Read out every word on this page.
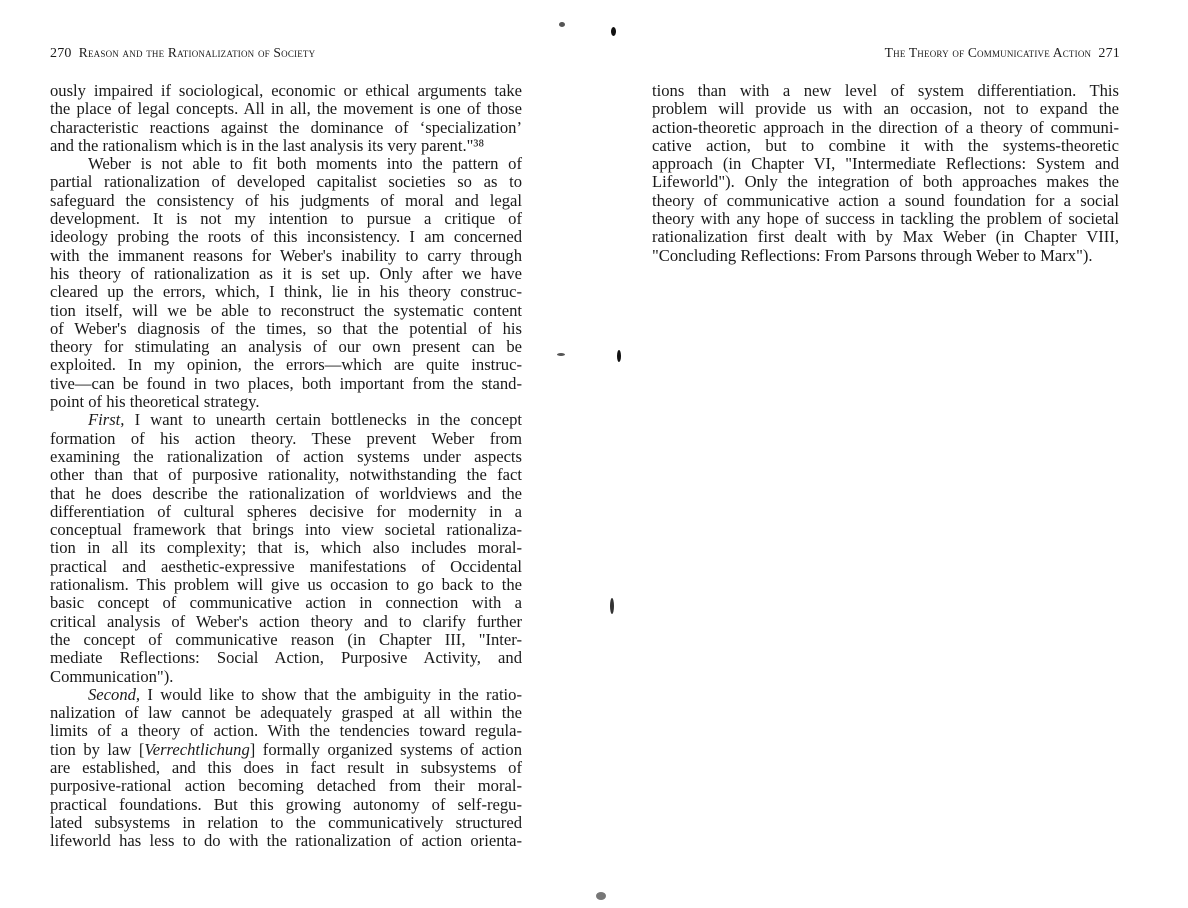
270 Reason and the Rationalization of Society	The Theory of Communicative Action 271
ously impaired if sociological, economic or ethical arguments take
the place of legal concepts. All in all, the movement is one of those
characteristic reactions against the dominance of ‘specialization’
and the rationalism which is in the last analysis its very parent."³⁸
Weber is not able to fit both moments into the pattern of
partial rationalization of developed capitalist societies so as to
safeguard the consistency of his judgments of moral and legal
development. It is not my intention to pursue a critique of
ideology probing the roots of this inconsistency. I am concerned
with the immanent reasons for Weber's inability to carry through
his theory of rationalization as it is set up. Only after we have
cleared up the errors, which, I think, lie in his theory construc-
tion itself, will we be able to reconstruct the systematic content
of Weber's diagnosis of the times, so that the potential of his
theory for stimulating an analysis of our own present can be
exploited. In my opinion, the errors—which are quite instruc-
tive—can be found in two places, both important from the stand-
point of his theoretical strategy.
First, I want to unearth certain bottlenecks in the concept
formation of his action theory. These prevent Weber from
examining the rationalization of action systems under aspects
other than that of purposive rationality, notwithstanding the fact
that he does describe the rationalization of worldviews and the
differentiation of cultural spheres decisive for modernity in a
conceptual framework that brings into view societal rationaliza-
tion in all its complexity; that is, which also includes moral-
practical and aesthetic-expressive manifestations of Occidental
rationalism. This problem will give us occasion to go back to the
basic concept of communicative action in connection with a
critical analysis of Weber's action theory and to clarify further
the concept of communicative reason (in Chapter III, "Inter-
mediate Reflections: Social Action, Purposive Activity, and
Communication").
Second, I would like to show that the ambiguity in the ratio-
nalization of law cannot be adequately grasped at all within the
limits of a theory of action. With the tendencies toward regula-
tion by law [Verrechtlichung] formally organized systems of action
are established, and this does in fact result in subsystems of
purposive-rational action becoming detached from their moral-
practical foundations. But this growing autonomy of self-regu-
lated subsystems in relation to the communicatively structured
lifeworld has less to do with the rationalization of action orienta-
tions than with a new level of system differentiation. This
problem will provide us with an occasion, not to expand the
action-theoretic approach in the direction of a theory of communi-
cative action, but to combine it with the systems-theoretic
approach (in Chapter VI, "Intermediate Reflections: System and
Lifeworld"). Only the integration of both approaches makes the
theory of communicative action a sound foundation for a social
theory with any hope of success in tackling the problem of societal
rationalization first dealt with by Max Weber (in Chapter VIII,
"Concluding Reflections: From Parsons through Weber to Marx").
